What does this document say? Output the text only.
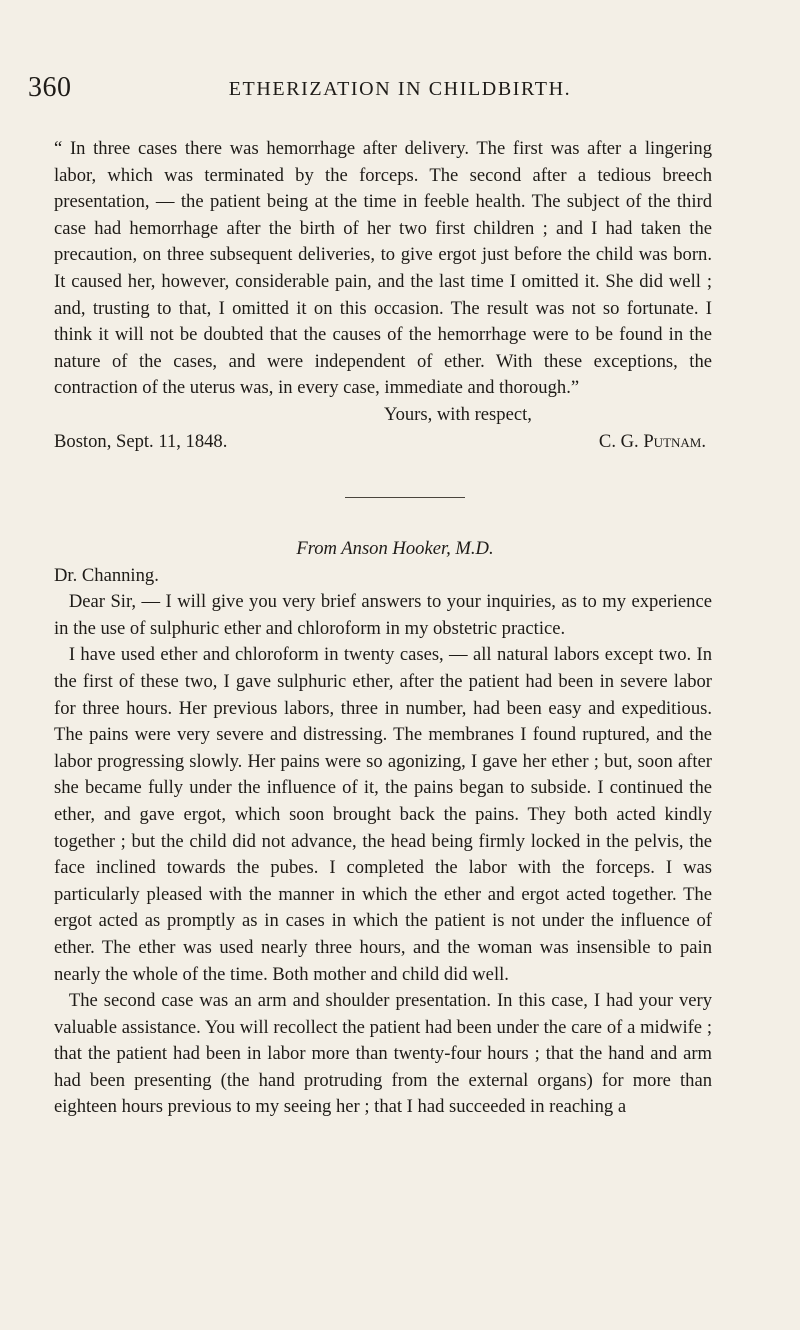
360	ETHERIZATION IN CHILDBIRTH.

“ In three cases there was hemorrhage after delivery. The first was after a lingering labor, which was terminated by the forceps. The second after a tedious breech presentation, — the patient being at the time in feeble health. The subject of the third case had hemorrhage after the birth of her two first children ; and I had taken the precaution, on three subsequent deliveries, to give ergot just before the child was born. It caused her, however, considerable pain, and the last time I omitted it. She did well ; and, trusting to that, I omitted it on this occasion. The result was not so fortunate. I think it will not be doubted that the causes of the hemorrhage were to be found in the nature of the cases, and were independent of ether. With these exceptions, the contraction of the uterus was, in every case, immediate and thorough.”

Yours, with respect,

Boston, Sept. 11, 1848.	C. G. Putnam.

From Anson Hooker, M.D.

Dr. Channing.

Dear Sir, — I will give you very brief answers to your inquiries, as to my experience in the use of sulphuric ether and chloroform in my obstetric practice.

I have used ether and chloroform in twenty cases, — all natural labors except two. In the first of these two, I gave sulphuric ether, after the patient had been in severe labor for three hours. Her previous labors, three in number, had been easy and expeditious. The pains were very severe and distressing. The membranes I found ruptured, and the labor progressing slowly. Her pains were so agonizing, I gave her ether ; but, soon after she became fully under the influence of it, the pains began to subside. I continued the ether, and gave ergot, which soon brought back the pains. They both acted kindly together ; but the child did not advance, the head being firmly locked in the pelvis, the face inclined towards the pubes. I completed the labor with the forceps. I was particularly pleased with the manner in which the ether and ergot acted together. The ergot acted as promptly as in cases in which the patient is not under the influence of ether. The ether was used nearly three hours, and the woman was insensible to pain nearly the whole of the time. Both mother and child did well.

The second case was an arm and shoulder presentation. In this case, I had your very valuable assistance. You will recollect the patient had been under the care of a midwife ; that the patient had been in labor more than twenty-four hours ; that the hand and arm had been presenting (the hand protruding from the external organs) for more than eighteen hours previous to my seeing her ; that I had succeeded in reaching a
